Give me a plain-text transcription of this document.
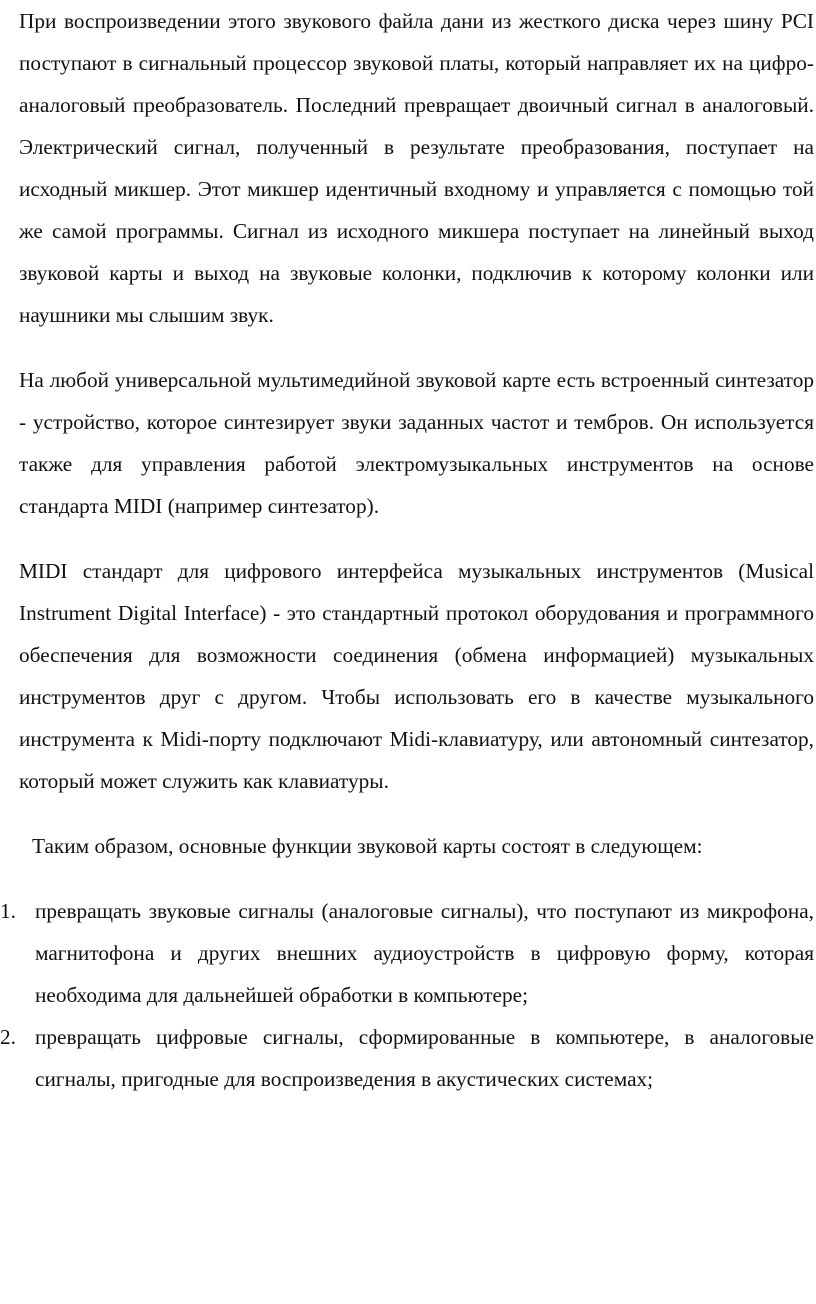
При воспроизведении этого звукового файла дани из жесткого диска через шину PCI поступают в сигнальный процессор звуковой платы, который направляет их на цифро-аналоговый преобразователь. Последний превращает двоичный сигнал в аналоговый. Электрический сигнал, полученный в результате преобразования, поступает на исходный микшер. Этот микшер идентичный входному и управляется с помощью той же самой программы. Сигнал из исходного микшера поступает на линейный выход звуковой карты и выход на звуковые колонки, подключив к которому колонки или наушники мы слышим звук.

На любой универсальной мультимедийной звуковой карте есть встроенный синтезатор - устройство, которое синтезирует звуки заданных частот и тембров. Он используется также для управления работой электромузыкальных инструментов на основе стандарта MIDI (например синтезатор).

MIDI стандарт для цифрового интерфейса музыкальных инструментов (Musical Instrument Digital Interface) - это стандартный протокол оборудования и программного обеспечения для возможности соединения (обмена информацией) музыкальных инструментов друг с другом. Чтобы использовать его в качестве музыкального инструмента к Midi-порту подключают Midi-клавиатуру, или автономный синтезатор, который может служить как клавиатуры.

Таким образом, основные функции звуковой карты состоят в следующем:

1. превращать звуковые сигналы (аналоговые сигналы), что поступают из микрофона, магнитофона и других внешних аудиоустройств в цифровую форму, которая необходима для дальнейшей обработки в компьютере;
2. превращать цифровые сигналы, сформированные в компьютере, в аналоговые сигналы, пригодные для воспроизведения в акустических системах;
